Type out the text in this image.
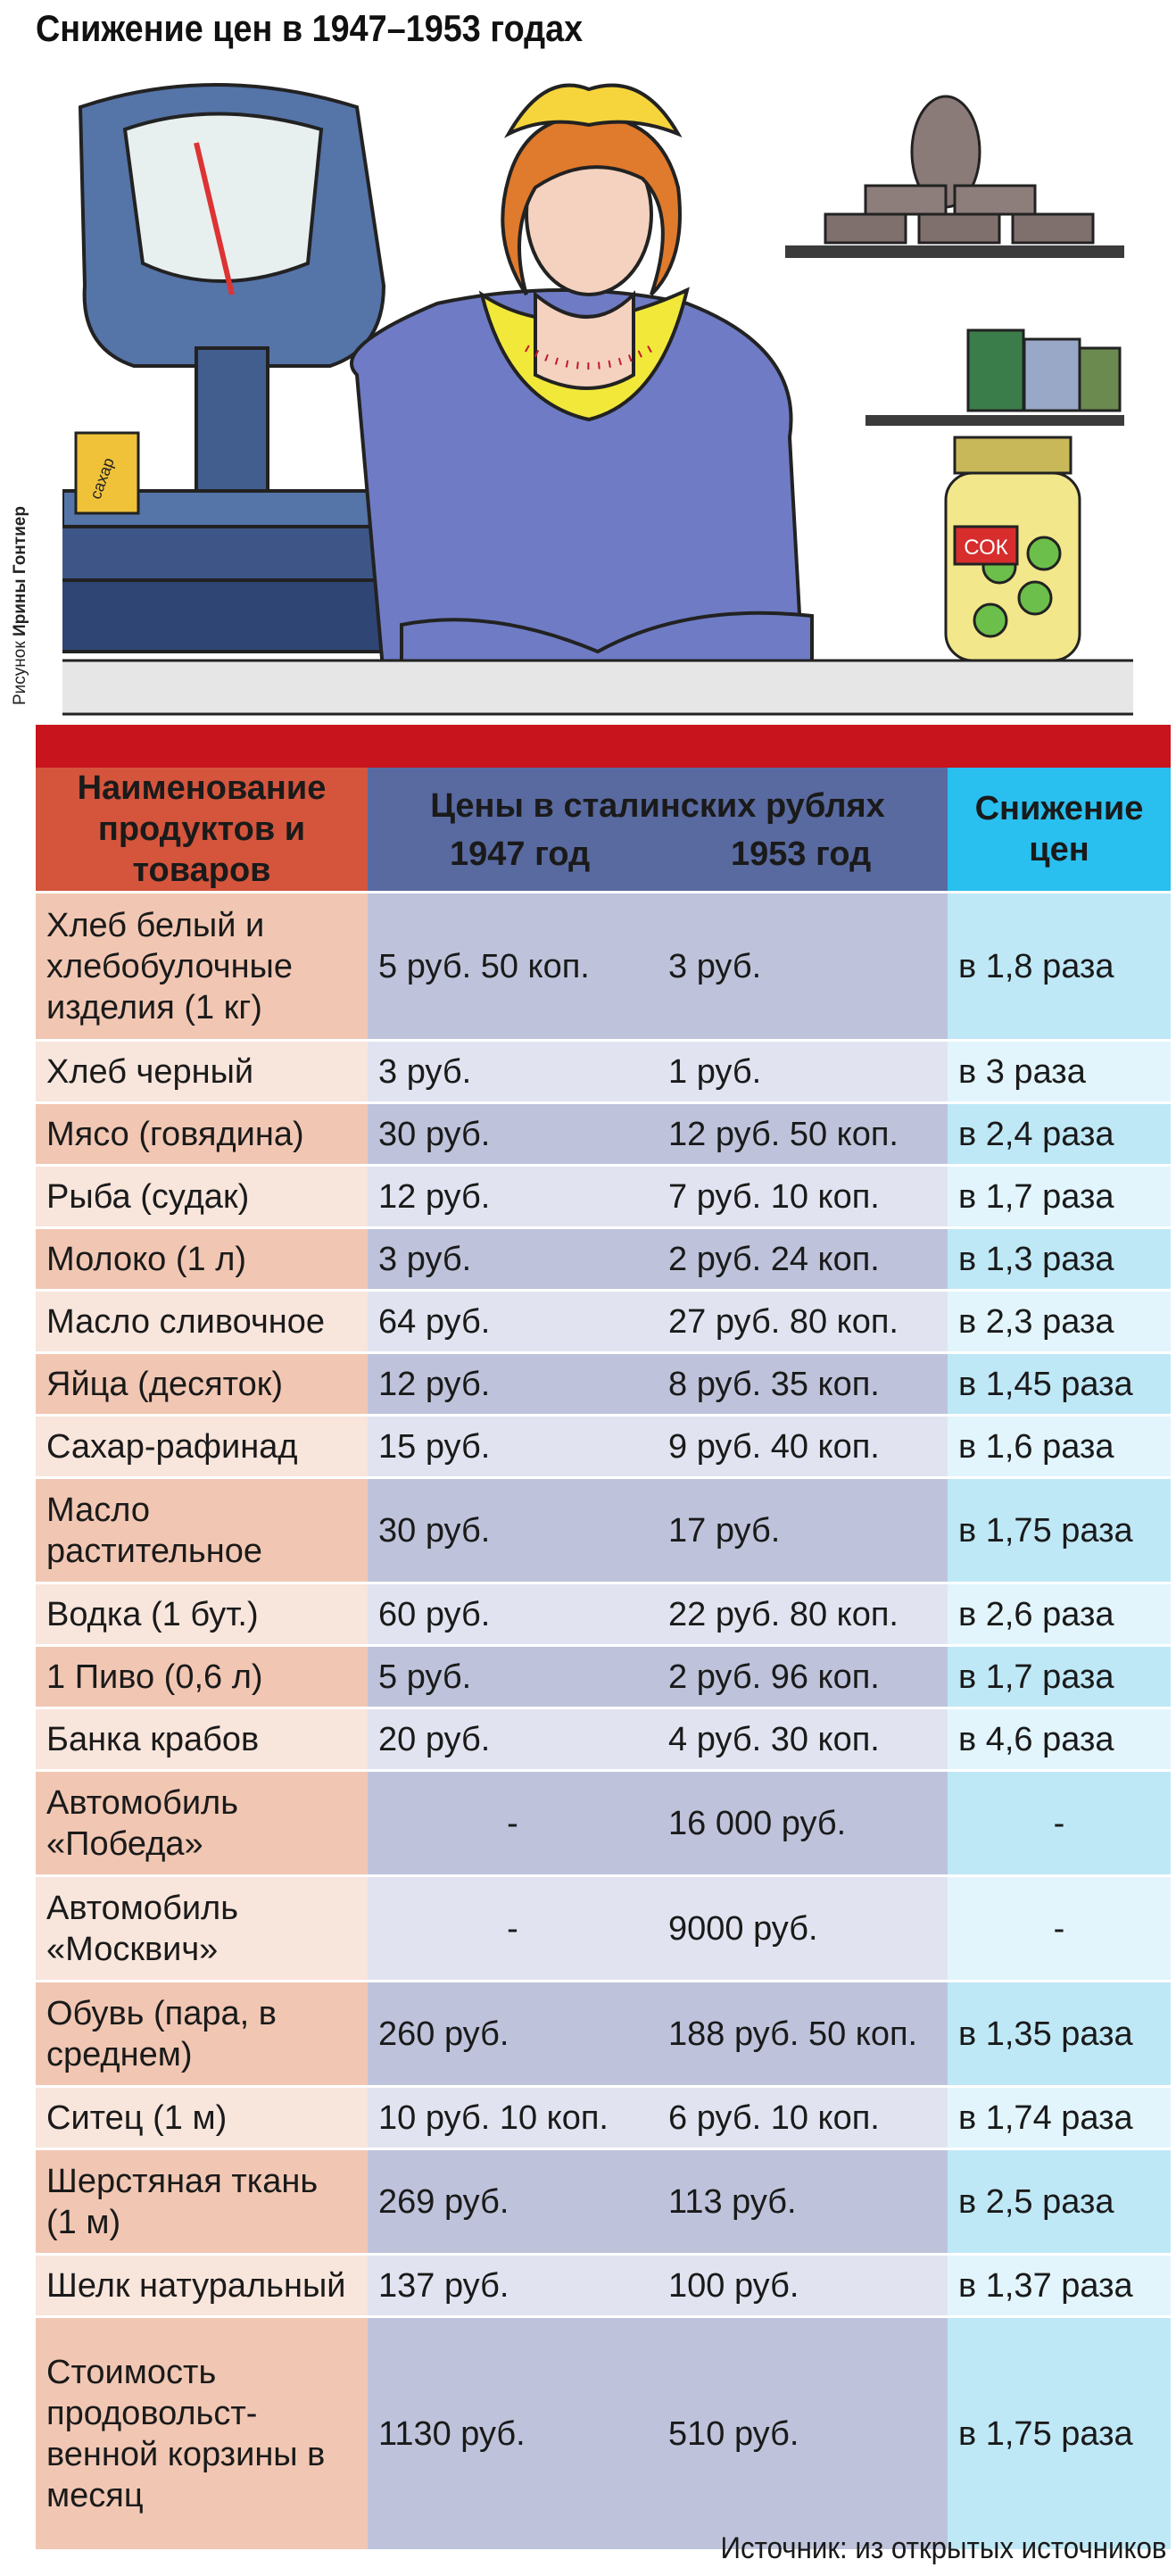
Снижение цен в 1947–1953 годах
Рисунок Ирины Гонтиер	СОК
сахар
Наименование продуктов и товаров	Цены в сталинских рублях
1947 год 1953 год		Снижение цен
Хлеб белый и хлебобулочные изделия (1 кг)	5 руб. 50 коп.	3 руб.	в 1,8 раза
Хлеб черный	3 руб.	1 руб.	в 3 раза
Мясо (говядина)	30 руб.	12 руб. 50 коп.	в 2,4 раза
Рыба (судак)	12 руб.	7 руб. 10 коп.	в 1,7 раза
Молоко (1 л)	3 руб.	2 руб. 24 коп.	в 1,3 раза
Масло сливочное	64 руб.	27 руб. 80 коп.	в 2,3 раза
Яйца (десяток)	12 руб.	8 руб. 35 коп.	в 1,45 раза
Сахар-рафинад	15 руб.	9 руб. 40 коп.	в 1,6 раза
Масло растительное	30 руб.	17 руб.	в 1,75 раза
Водка (1 бут.)	60 руб.	22 руб. 80 коп.	в 2,6 раза
1 Пиво (0,6 л)	5 руб.	2 руб. 96 коп.	в 1,7 раза
Банка крабов	20 руб.	4 руб. 30 коп.	в 4,6 раза
Автомобиль «Победа»	-	16 000 руб.	-
Автомобиль «Москвич»	-	9000 руб.	-
Обувь (пара, в среднем)	260 руб.	188 руб. 50 коп.	в 1,35 раза
Ситец (1 м)	10 руб. 10 коп.	6 руб. 10 коп.	в 1,74 раза
Шерстяная ткань (1 м)	269 руб.	113 руб.	в 2,5 раза
Шелк натуральный	137 руб.	100 руб.	в 1,37 раза
Стоимость продовольст-венной корзины в месяц	1130 руб.	510 руб.	в 1,75 раза
Источник: из открытых источников
